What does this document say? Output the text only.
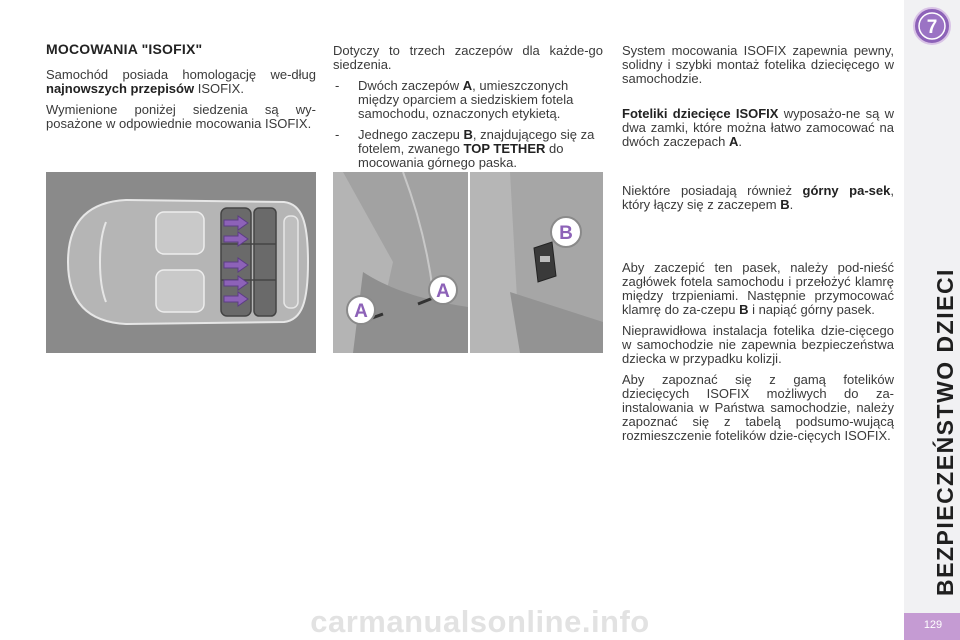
MOCOWANIA "ISOFIX"

Samochód posiada homologację we-dług najnowszych przepisów ISOFIX.

Wymienione poniżej siedzenia są wy-posażone w odpowiednie mocowania ISOFIX.

Dotyczy to trzech zaczepów dla każde-go siedzenia.

- Dwóch zaczepów A, umieszczonych między oparciem a siedziskiem fotela samochodu, oznaczonych etykietą.
- Jednego zaczepu B, znajdującego się za fotelem, zwanego TOP TETHER do mocowania górnego paska.

System mocowania ISOFIX zapewnia pewny, solidny i szybki montaż fotelika dziecięcego w samochodzie.

Foteliki dziecięce ISOFIX wyposażo-ne są w dwa zamki, które można łatwo zamocować na dwóch zaczepach A.

Niektóre posiadają również górny pa-sek, który łączy się z zaczepem B.

Aby zaczepić ten pasek, należy pod-nieść zagłówek fotela samochodu i przełożyć klamrę między trzpieniami. Następnie przymocować klamrę do za-czepu B i napiąć górny pasek.

Nieprawidłowa instalacja fotelika dzie-cięcego w samochodzie nie zapewnia bezpieczeństwa dziecka w przypadku kolizji.

Aby zapoznać się z gamą fotelików dziecięcych ISOFIX możliwych do za-instalowania w Państwa samochodzie, należy zapoznać się z tabelą podsumo-wującą rozmieszczenie fotelików dzie-cięcych ISOFIX.

A
A
B
7
BEZPIECZEŃSTWO DZIECI
129
carmanualsonline.info
